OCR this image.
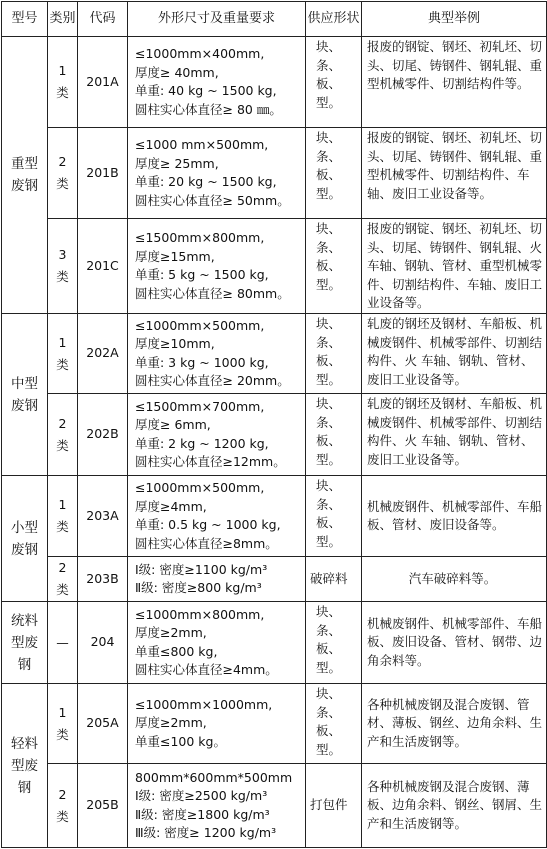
型号	类别	代码	外形尺寸及重量要求	供应形状	典型举例
重型废钢	1类	201A	≤1000mm×400mm,
厚度≥ 40mm,
单重: 40 kg ~ 1500 kg,
圆柱实心体直径≥ 80 ㎜。	块、
条、
板、
型。	报废的钢锭、钢坯、初轧坯、切头、切尾、铸钢件、钢轧辊、重型机械零件、切割结构件等。
	2类	201B	≤1000 mm×500mm,
厚度≥ 25mm,
单重: 20 kg ~ 1500 kg,
圆柱实心体直径≥ 50mm。	块、
条、
板、
型。	报废的钢锭、钢坯、初轧坯、切头、切尾、铸钢件、钢轧辊、重型机械零件、切割结构件、车轴、废旧工业设备等。
	3类	201C	≤1500mm×800mm,
厚度≥15mm,
单重: 5 kg ~ 1500 kg,
圆柱实心体直径≥ 80mm。	块、
条、
板、
型。	报废的钢锭、钢坯、初轧坯、切头、切尾、铸钢件、钢轧辊、火车轴、钢轨、管材、重型机械零件、切割结构件、车轴、废旧工业设备等。
中型废钢	1类	202A	≤1000mm×500mm,
厚度≥10mm,
单重: 3 kg ~ 1000 kg,
圆柱实心体直径≥ 20mm。	块、
条、
板、
型。	轧废的钢坯及钢材、车船板、机械废钢件、机械零部件、切割结构件、火 车轴、钢轨、管材、废旧工业设备等。
	2类	202B	≤1500mm×700mm,
厚度≥ 6mm,
单重: 2 kg ~ 1200 kg,
圆柱实心体直径≥12mm。	块、
条、
板、
型。	轧废的钢坯及钢材、车船板、机械废钢件、机械零部件、切割结构件、火 车轴、钢轨、管材、废旧工业设备等。
小型废钢	1类	203A	≤1000mm×500mm,
厚度≥4mm,
单重: 0.5 kg ~ 1000 kg,
圆柱实心体直径≥8mm。	块、
条、
板、
型。	机械废钢件、机械零部件、车船板、管材、废旧设备等。
	2类	203B	Ⅰ级: 密度≥1100 kg/m³
Ⅱ级: 密度≥800 kg/m³	破碎料	汽车破碎料等。
统料型废钢	—	204	≤1000mm×800mm,
厚度≥2mm,
单重≤800 kg,
圆柱实心体直径≥4mm。	块、
条、
板、
型。	机械废钢件、机械零部件、车船板、废旧设备、管材、钢带、边角余料等。
轻料型废钢	1类	205A	≤1000mm×1000mm,
厚度≥2mm,
单重≤100 kg。	块、
条、
板、
型。	各种机械废钢及混合废钢、管材、薄板、钢丝、边角余料、生产和生活废钢等。
	2类	205B	800mm*600mm*500mm
Ⅰ级: 密度≥2500 kg/m³
Ⅱ级: 密度≥1800 kg/m³
Ⅲ级: 密度≥ 1200 kg/m³	打包件	各种机械废钢及混合废钢、薄板、边角余料、钢丝、钢屑、生产和生活废钢等。
